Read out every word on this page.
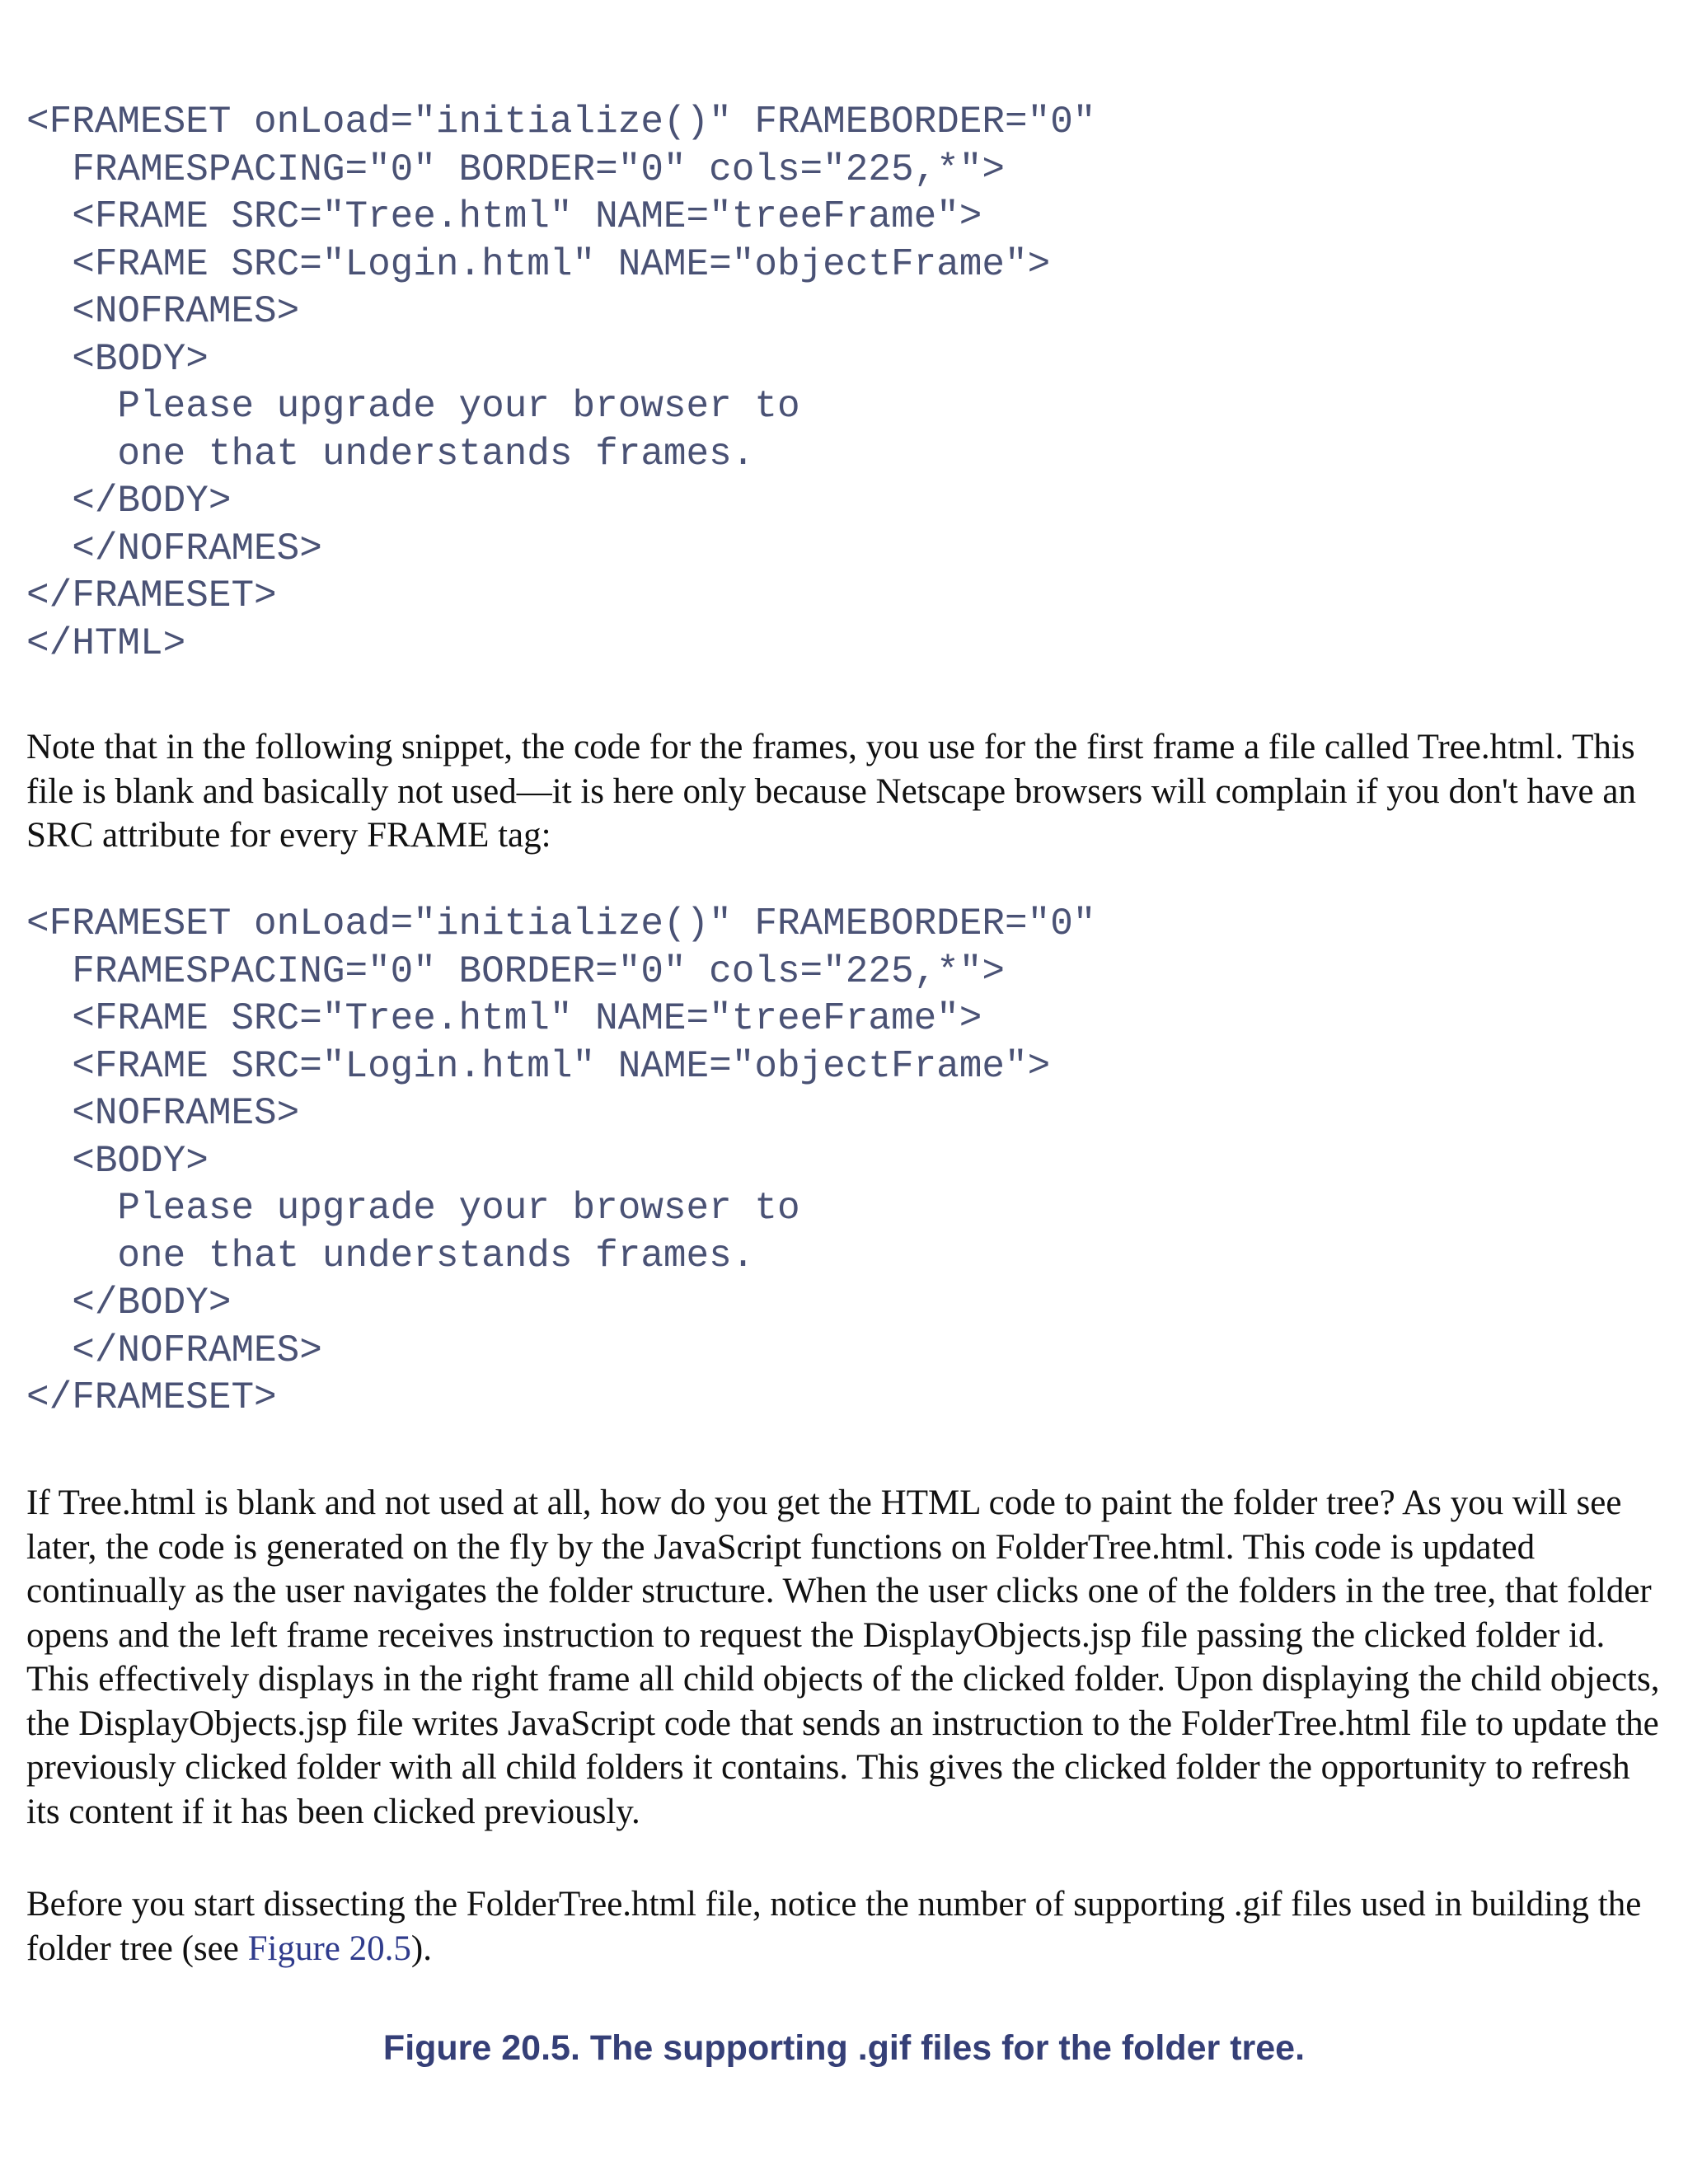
<FRAMESET onLoad="initialize()" FRAMEBORDER="0"
FRAMESPACING="0" BORDER="0" cols="225,*">
<FRAME SRC="Tree.html" NAME="treeFrame">
<FRAME SRC="Login.html" NAME="objectFrame">
<NOFRAMES>
<BODY>
Please upgrade your browser to
one that understands frames.
</BODY>
</NOFRAMES>
</FRAMESET>
</HTML>

Note that in the following snippet, the code for the frames, you use for the first frame a file called Tree.html. This file is blank and basically not used—it is here only because Netscape browsers will complain if you don't have an SRC attribute for every FRAME tag:

<FRAMESET onLoad="initialize()" FRAMEBORDER="0"
FRAMESPACING="0" BORDER="0" cols="225,*">
<FRAME SRC="Tree.html" NAME="treeFrame">
<FRAME SRC="Login.html" NAME="objectFrame">
<NOFRAMES>
<BODY>
Please upgrade your browser to
one that understands frames.
</BODY>
</NOFRAMES>
</FRAMESET>

If Tree.html is blank and not used at all, how do you get the HTML code to paint the folder tree? As you will see later, the code is generated on the fly by the JavaScript functions on FolderTree.html. This code is updated continually as the user navigates the folder structure. When the user clicks one of the folders in the tree, that folder opens and the left frame receives instruction to request the DisplayObjects.jsp file passing the clicked folder id. This effectively displays in the right frame all child objects of the clicked folder. Upon displaying the child objects, the DisplayObjects.jsp file writes JavaScript code that sends an instruction to the FolderTree.html file to update the previously clicked folder with all child folders it contains. This gives the clicked folder the opportunity to refresh its content if it has been clicked previously.

Before you start dissecting the FolderTree.html file, notice the number of supporting .gif files used in building the folder tree (see Figure 20.5).

Figure 20.5. The supporting .gif files for the folder tree.
